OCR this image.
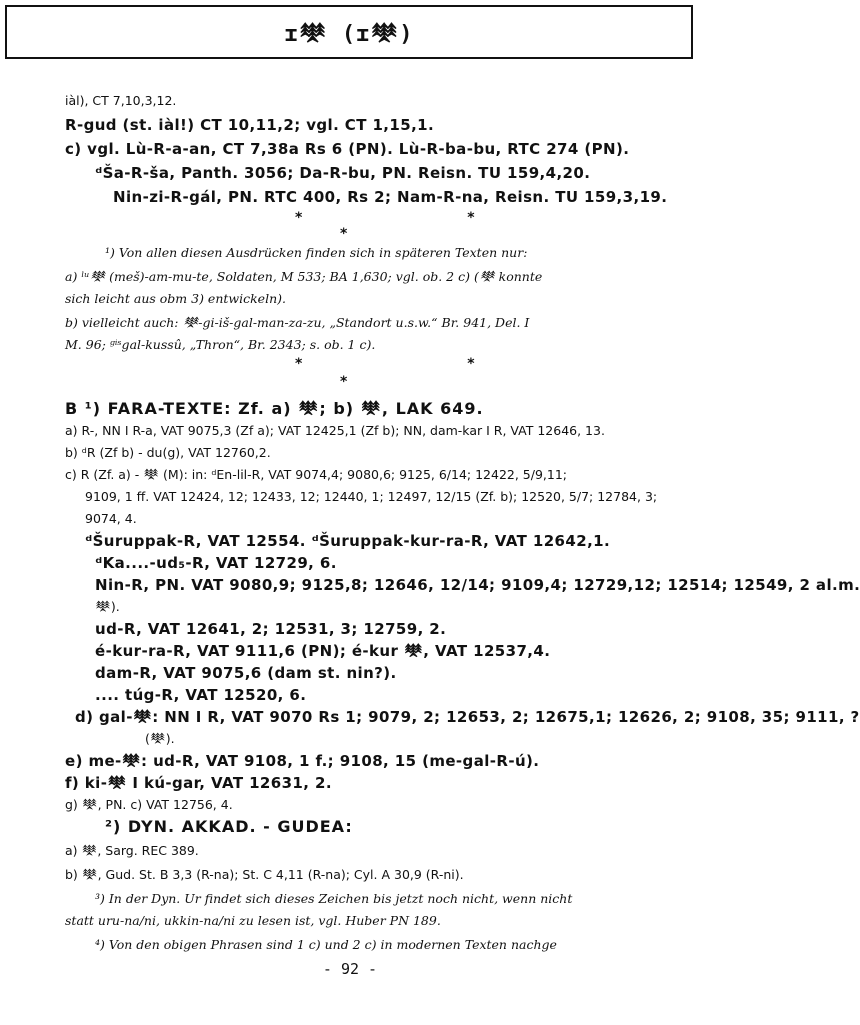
ɪ𒋧 (ɪ𒋧)
iàl), CT 7,10,3,12.
R-gud (st. iàl!) CT 10,11,2; vgl. CT 1,15,1.
c) vgl. Lù-R-a-an, CT 7,38a Rs 6 (PN). Lù-R-ba-bu, RTC 274 (PN).
ᵈŠa-R-ša, Panth. 3056; Da-R-bu, PN. Reisn. TU 159,4,20.
Nin-zi-R-gál, PN. RTC 400, Rs 2; Nam-R-na, Reisn. TU 159,3,19.
¹) Von allen diesen Ausdrücken finden sich in späteren Texten nur:
a) ˡᵘ𒋧 (meš)-am-mu-te, Soldaten, M 533; BA 1,630; vgl. ob. 2 c) (𒋧 konnte
sich leicht aus obm 3) entwickeln).
b) vielleicht auch: 𒋧-gi-iš-gal-man-za-zu, „Standort u.s.w.“ Br. 941, Del. I
M. 96; ᵍⁱˢgal-kussû, „Thron“, Br. 2343; s. ob. 1 c).
B ¹) FARA-TEXTE: Zf. a) 𒋧; b) 𒋧, LAK 649.
a) R-, NN I R-a, VAT 9075,3 (Zf a); VAT 12425,1 (Zf b); NN, dam-kar I R, VAT 12646, 13.
b) ᵈR (Zf b) - du(g), VAT 12760,2.
c) R (Zf. a) - 𒋧 (M): in: ᵈEn-lil-R, VAT 9074,4; 9080,6; 9125, 6/14; 12422, 5/9,11;
9109, 1 ff. VAT 12424, 12; 12433, 12; 12440, 1; 12497, 12/15 (Zf. b); 12520, 5/7; 12784, 3;
9074, 4.
ᵈŠuruppak-R, VAT 12554. ᵈŠuruppak-kur-ra-R, VAT 12642,1.
ᵈKa....-ud₅-R, VAT 12729, 6.
Nin-R, PN. VAT 9080,9; 9125,8; 12646, 12/14; 9109,4; 12729,12; 12514; 12549, 2 al.m.
𒋧).
ud-R, VAT 12641, 2; 12531, 3; 12759, 2.
é-kur-ra-R, VAT 9111,6 (PN); é-kur 𒋧, VAT 12537,4.
dam-R, VAT 9075,6 (dam st. nin?).
.... túg-R, VAT 12520, 6.
d) gal-𒋧: NN I R, VAT 9070 Rs 1; 9079, 2; 12653, 2; 12675,1; 12626, 2; 9108, 35; 9111, ?
(𒋧).
e) me-𒋧: ud-R, VAT 9108, 1 f.; 9108, 15 (me-gal-R-ú).
f) ki-𒋧 I kú-gar, VAT 12631, 2.
g) 𒋧, PN. c) VAT 12756, 4.
²) DYN. AKKAD. - GUDEA:
a) 𒋧, Sarg. REC 389.
b) 𒋧, Gud. St. B 3,3 (R-na); St. C 4,11 (R-na); Cyl. A 30,9 (R-ni).
³) In der Dyn. Ur findet sich dieses Zeichen bis jetzt noch nicht, wenn nicht
statt uru-na/ni, ukkin-na/ni zu lesen ist, vgl. Huber PN 189.
⁴) Von den obigen Phrasen sind 1 c) und 2 c) in modernen Texten nachge
* *
*
* *
*
- 92 -
